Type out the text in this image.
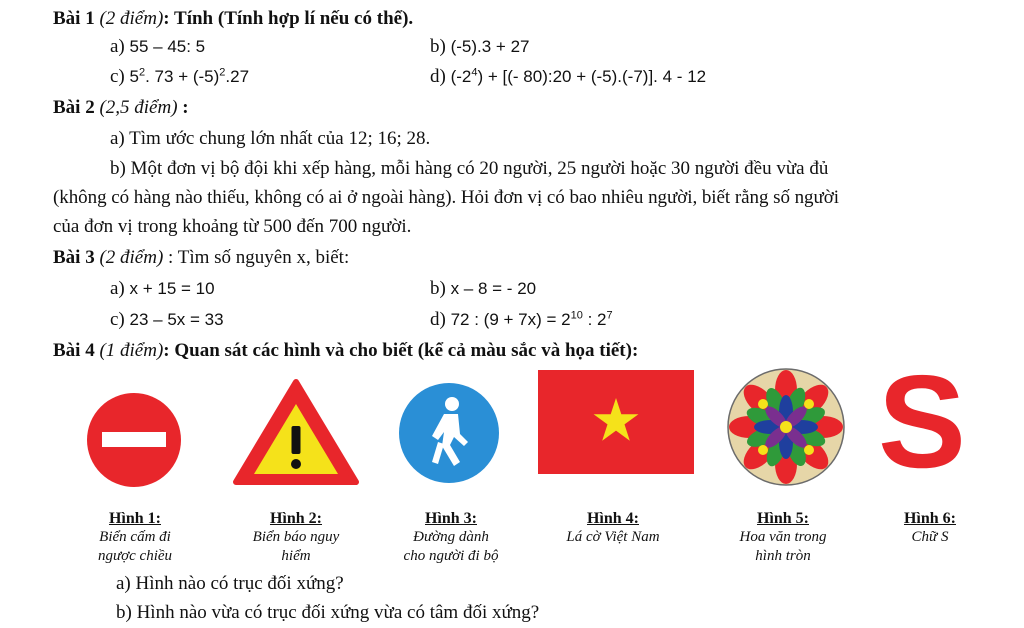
Bài 1 (2 điểm): Tính (Tính hợp lí nếu có thể).
a) 55 – 45: 5	b) (-5).3 + 27
c) $5^2$. $73 + (-5)^2.27$	d) $(-2^4)$ + [(- 80):20 + (-5).(-7)]. 4 - 12
Bài 2 (2,5 điểm) :
a) Tìm ước chung lớn nhất của 12; 16; 28.
b) Một đơn vị bộ đội khi xếp hàng, mỗi hàng có 20 người, 25 người hoặc 30 người đều vừa đủ
(không có hàng nào thiếu, không có ai ở ngoài hàng). Hỏi đơn vị có bao nhiêu người, biết rằng số người
của đơn vị trong khoảng từ 500 đến 700 người.
Bài 3 (2 điểm) : Tìm số nguyên x, biết:
a) x + 15 = 10	b) x – 8 = - 20
c) 23 – 5x = 33	d) 72 : $(9 + 7x) = 2^{10}$ : $2^7$
Bài 4 (1 điểm): Quan sát các hình và cho biết (kể cả màu sắc và họa tiết): S
Hình 1:
Biển cấm đi
ngược chiều
Hình 2:
Biển báo nguy
hiểm
Hình 3:
Đường dành
cho người đi bộ
Hình 4:
Lá cờ Việt Nam
Hình 5:
Hoa văn trong
hình tròn
Hình 6:
Chữ S
a) Hình nào có trục đối xứng?
b) Hình nào vừa có trục đối xứng vừa có tâm đối xứng?
